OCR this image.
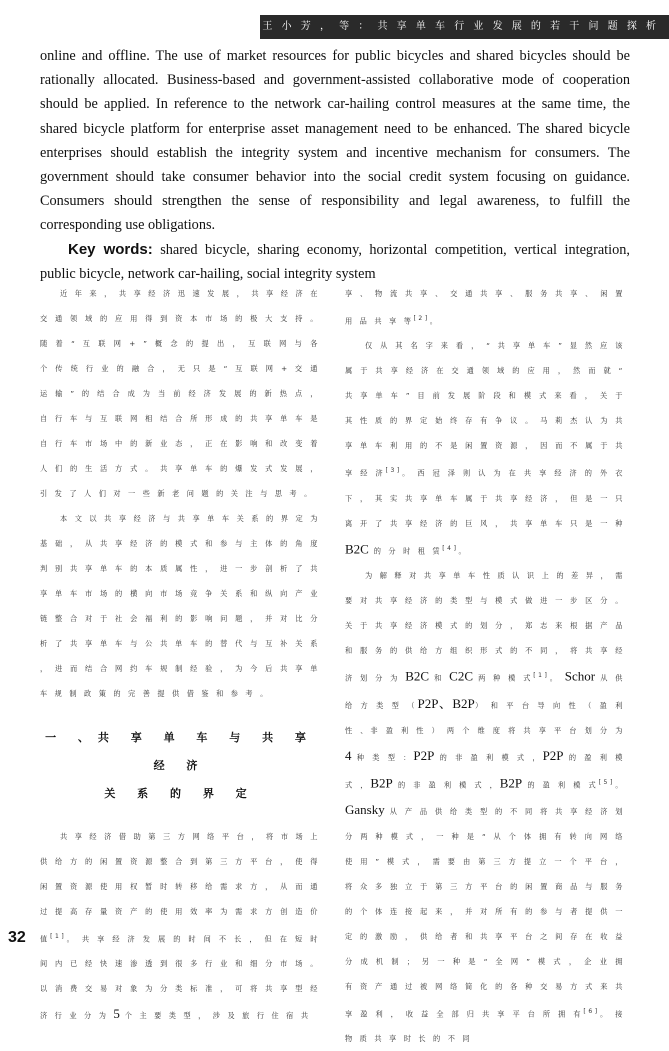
王 小 芳 ， 等 ： 共 享 单 车 行 业 发 展 的 若 干 问 题 探 析

online and offline. The use of market resources for public bicycles and shared bicycles should be rationally allocated. Business-based and government-assisted collaborative mode of cooperation should be applied. In reference to the network car-hailing control measures at the same time, the shared bicycle platform for enterprise asset management need to be enhanced. The shared bicycle enterprises should establish the integrity system and incentive mechanism for consumers. The government should take consumer behavior into the social credit system focusing on guidance. Consumers should strengthen the sense of responsibility and legal awareness, to fulfill the corresponding use obligations.

Key words: shared bicycle, sharing economy, horizontal competition, vertical integration, public bicycle, network car-hailing, social integrity system

近 年 来 ， 共 享 经 济 迅 速 发 展 ， 共 享 经 济 在 交 通 领 域 的 应 用 得 到 资 本 市 场 的 极 大 支 持 。 随 着 “ 互 联 网 + ” 概 念 的 提 出 ， 互 联 网 与 各 个 传 统 行 业 的 融 合 ， 无 只 是 “ 互 联 网 + 交 通 运 输 ” 的 结 合 成 为 当 前 经 济 发 展 的 新 热 点 ， 自 行 车 与 互 联 网 相 结 合 所 形 成 的 共 享 单 车 是 自 行 车 市 场 中 的 新 业 态 ， 正 在 影 响 和 改 变 着 人 们 的 生 活 方 式 。 共 享 单 车 的 爆 发 式 发 展 ， 引 发 了 人 们 对 一 些 新 老 问 题 的 关 注 与 思 考 。

本 文 以 共 享 经 济 与 共 享 单 车 关 系 的 界 定 为 基 础 ， 从 共 享 经 济 的 模 式 和 参 与 主 体 的 角 度 判 别 共 享 单 车 的 本 质 属 性 ， 进 一 步 剖 析 了 共 享 单 车 市 场 的 横 向 市 场 竞 争 关 系 和 纵 向 产 业 链 整 合 对 于 社 会 福 利 的 影 响 问 题 ， 并 对 比 分 析 了 共 享 单 车 与 公 共 单 车 的 替 代 与 互 补 关 系 ， 进 而 结 合 网 约 车 规 制 经 验 ， 为 今 后 共 享 单 车 规 制 政 策 的 完 善 提 供 借 鉴 和 参 考 。

一 、共 享 单 车 与 共 享 经 济
关 系 的 界 定

共 享 经 济 借 助 第 三 方 网 络 平 台 ， 将 市 场 上 供 给 方 的 闲 置 资 源 整 合 到 第 三 方 平 台 ， 使 得 闲 置 资 源 使 用 权 暂 时 转 移 给 需 求 方 ， 从 而 通 过 提 高 存 量 资 产 的 使 用 效 率 为 需 求 方 创 造 价 值[1]。 共 享 经 济 发 展 的 时 间 不 长 ， 但 在 短 时 间 内 已 经 快 速 渗 透 到 很 多 行 业 和 细 分 市 场 。 以 消 费 交 易 对 象 为 分 类 标 准 ， 可 将 共 享 型 经 济 行 业 分 为 5 个 主 要 类 型 ， 涉 及 旅 行 住 宿 共

享 、 物 流 共 享 、 交 通 共 享 、 服 务 共 享 、 闲 置 用 品 共 享 等[2]。

仅 从 其 名 字 来 看 ， “ 共 享 单 车 ” 显 然 应 该 属 于 共 享 经 济 在 交 通 领 域 的 应 用 ， 然 而 就 “ 共 享 单 车 ” 目 前 发 展 阶 段 和 模 式 来 看 ， 关 于 其 性 质 的 界 定 始 终 存 有 争 议 。 马 莉 杰 认 为 共 享 单 车 利 用 的 不 是 闲 置 资 源 ， 因 而 不 属 于 共 享 经 济[3]。 西 冠 泽 则 认 为 在 共 享 经 济 的 外 衣 下 ， 其 实 共 享 单 车 属 于 共 享 经 济 ， 但 是 一 只 离 开 了 共 享 经 济 的 巨 风 ， 共 享 单 车 只 是 一 种 B2C 的 分 时 租 赁[4]。

为 解 释 对 共 享 单 车 性 质 认 识 上 的 差 异 ， 需 要 对 共 享 经 济 的 类 型 与 模 式 做 进 一 步 区 分 。 关 于 共 享 经 济 模 式 的 划 分 ， 郑 志 来 根 据 产 品 和 服 务 的 供 给 方 组 织 形 式 的 不 同 ， 将 共 享 经 济 划 分 为 B2C 和 C2C 两 种 模 式[1]。 Schor 从 供 给 方 类 型 （P2P、B2P） 和 平 台 导 向 性 （ 盈 利 性 、非 盈 利 性 ） 两 个 维 度 将 共 享 平 台 划 分 为 4 种 类 型 ：P2P 的 非 盈 利 模 式 ，P2P 的 盈 利 模 式 ，B2P 的 非 盈 利 模 式 ，B2P 的 盈 利 模 式[5]。 Gansky 从 产 品 供 给 类 型 的 不 同 将 共 享 经 济 划 分 两 种 模 式 ， 一 种 是 “ 从 个 体 拥 有 转 向 网 络 使 用 ” 模 式 ， 需 要 由 第 三 方 提 立 一 个 平 台 ， 将 众 多 独 立 于 第 三 方 平 台 的 闲 置 商 品 与 服 务 的 个 体 连 接 起 来 ， 并 对 所 有 的 参 与 者 提 供 一 定 的 激 励 ， 供 给 者 和 共 享 平 台 之 间 存 在 收 益 分 成 机 制 ； 另 一 种 是 “ 全 网 ” 模 式 ， 企 业 拥 有 资 产 通 过 被 网 络 简 化 的 各 种 交 易 方 式 来 共 享 盈 利 ， 收 益 全 部 归 共 享 平 台 所 拥 有[6]。 接 物 质 共 享 时 长 的 不 同

32
